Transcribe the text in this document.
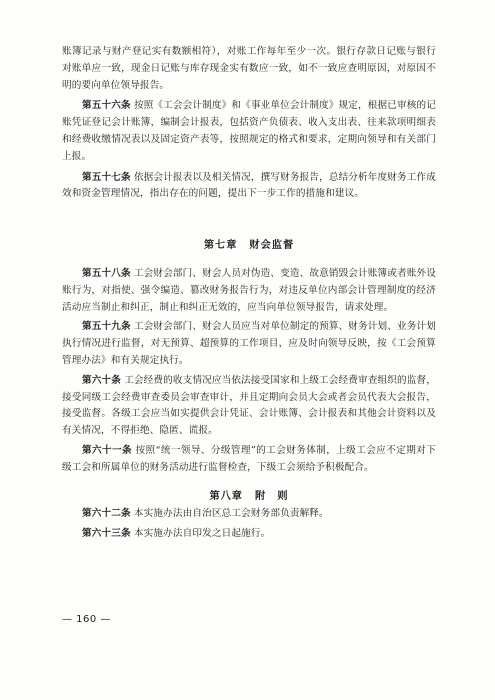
账簿记录与财产登记实有数额相符），对账工作每年至少一次。银行存款日记账与银行对账单应一致，现金日记账与库存现金实有数应一致，如不一致应查明原因，对原因不明的要向单位领导报告。

第五十六条 按照《工会会计制度》和《事业单位会计制度》规定，根据已审核的记账凭证登记会计账簿，编制会计报表，包括资产负债表、收入支出表、往来款项明细表和经费收缴情况表以及固定资产表等，按照规定的格式和要求，定期向领导和有关部门上报。

第五十七条 依据会计报表以及相关情况，撰写财务报告，总结分析年度财务工作成效和资金管理情况，指出存在的问题，提出下一步工作的措施和建议。

第七章 财会监督

第五十八条 工会财会部门、财会人员对伪造、变造、故意销毁会计账簿或者账外设账行为，对指使、强令编造、篡改财务报告行为，对违反单位内部会计管理制度的经济活动应当制止和纠正，制止和纠正无效的，应当向单位领导报告，请求处理。

第五十九条 工会财会部门、财会人员应当对单位制定的预算、财务计划、业务计划执行情况进行监督，对无预算、超预算的工作项目，应及时向领导反映，按《工会预算管理办法》和有关规定执行。

第六十条 工会经费的收支情况应当依法接受国家和上级工会经费审查组织的监督，接受同级工会经费审查委员会审查审计，并且定期向会员大会或者会员代表大会报告，接受监督。各级工会应当如实提供会计凭证、会计账簿、会计报表和其他会计资料以及有关情况，不得拒绝、隐匿、谎报。

第六十一条 按照“统一领导、分级管理”的工会财务体制，上级工会应不定期对下级工会和所属单位的财务活动进行监督检查，下级工会须给予积极配合。

第八章 附　则

第六十二条 本实施办法由自治区总工会财务部负责解释。

第六十三条 本实施办法自印发之日起施行。

— 160 —
